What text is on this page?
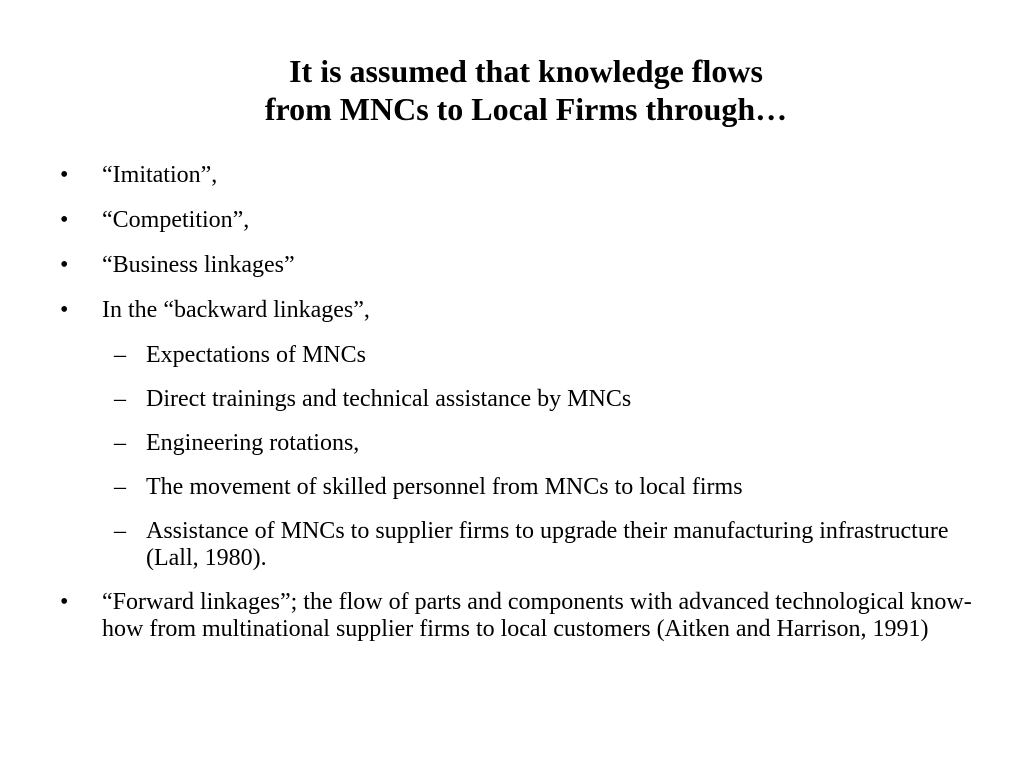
It is assumed that knowledge flows
from MNCs to Local Firms through…
• “Imitation”,
• “Competition”,
• “Business linkages”
• In the “backward linkages”,
– Expectations of MNCs
– Direct trainings and technical assistance by MNCs
– Engineering rotations,
– The movement of skilled personnel from MNCs to local firms
– Assistance of MNCs to supplier firms to upgrade their manufacturing infrastructure (Lall, 1980).
• “Forward linkages”; the flow of parts and components with advanced technological know-how from multinational supplier firms to local customers (Aitken and Harrison, 1991)
